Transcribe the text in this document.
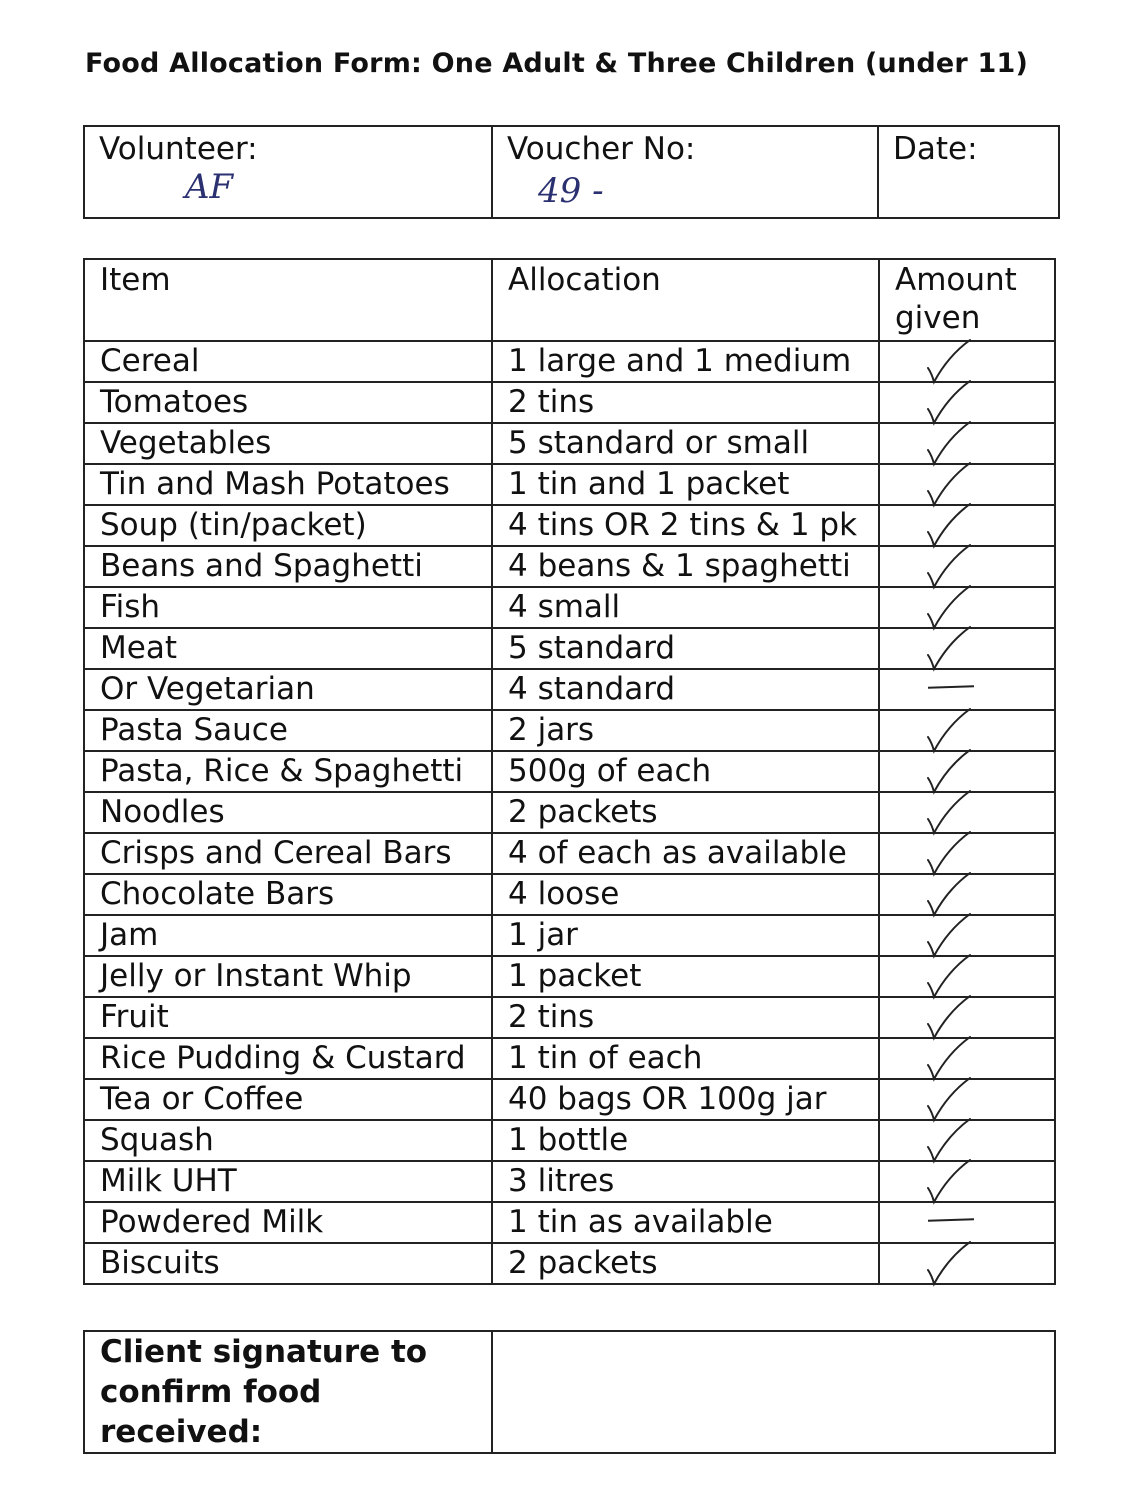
Food Allocation Form: One Adult & Three Children (under 11)
Volunteer:
AF

Voucher No:
49 -

Date:
Item	Allocation	Amount
given

Cereal	1 large and 1 medium	

Tomatoes	2 tins	

Vegetables	5 standard or small	

Tin and Mash Potatoes	1 tin and 1 packet	

Soup (tin/packet)	4 tins OR 2 tins & 1 pk	

Beans and Spaghetti	4 beans & 1 spaghetti	

Fish	4 small	

Meat	5 standard	

Or Vegetarian	4 standard	

Pasta Sauce	2 jars	

Pasta, Rice & Spaghetti	500g of each	

Noodles	2 packets	

Crisps and Cereal Bars	4 of each as available	

Chocolate Bars	4 loose	

Jam	1 jar	

Jelly or Instant Whip	1 packet	

Fruit	2 tins	

Rice Pudding & Custard	1 tin of each	

Tea or Coffee	40 bags OR 100g jar	

Squash	1 bottle	

Milk UHT	3 litres	

Powdered Milk	1 tin as available	

Biscuits	2 packets	
Client signature to
confirm food received:
